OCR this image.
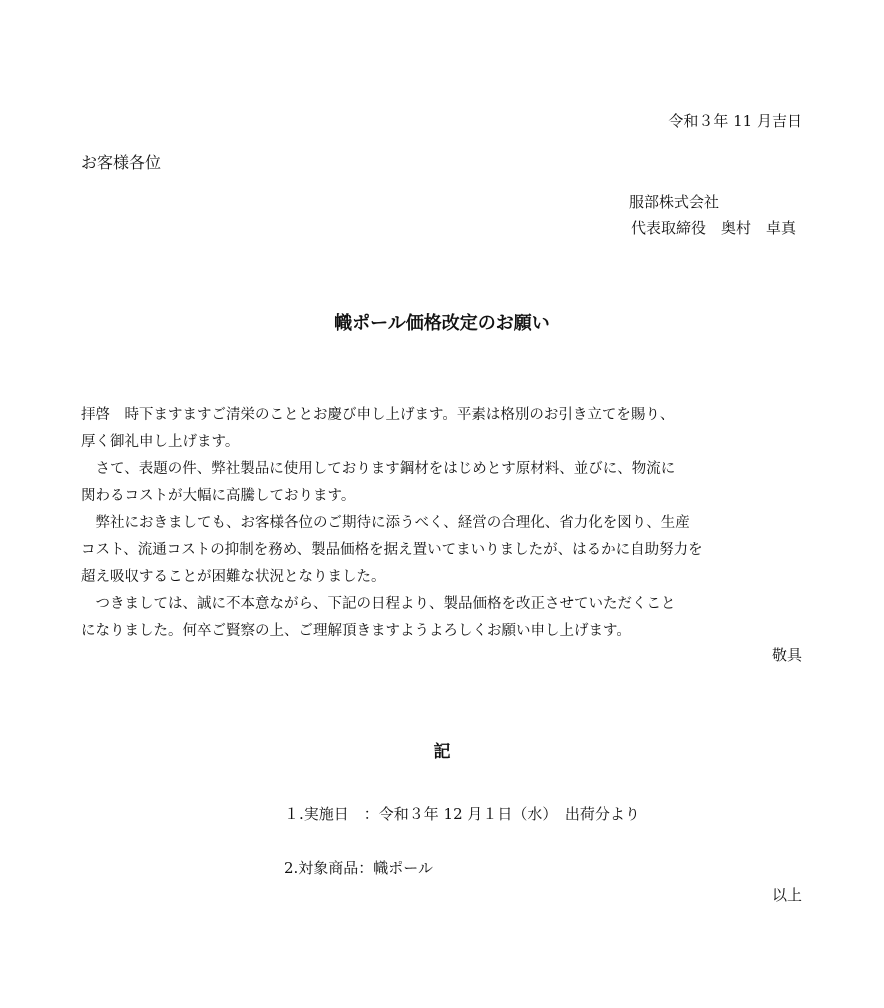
令和３年 11 月吉日
お客様各位
服部株式会社
代表取締役　奥村　卓真
幟ポール価格改定のお願い
拝啓　時下ますますご清栄のこととお慶び申し上げます。平素は格別のお引き立てを賜り、
厚く御礼申し上げます。
　さて、表題の件、弊社製品に使用しております鋼材をはじめとす原材料、並びに、物流に
関わるコストが大幅に高騰しております。
　弊社におきましても、お客様各位のご期待に添うべく、経営の合理化、省力化を図り、生産
コスト、流通コストの抑制を務め、製品価格を据え置いてまいりましたが、はるかに自助努力を
超え吸収することが困難な状況となりました。
　つきましては、誠に不本意ながら、下記の日程より、製品価格を改正させていただくこと
になりました。何卒ご賢察の上、ご理解頂きますようよろしくお願い申し上げます。
敬具
記
１.実施日　：令和３年 12 月１日（水）　出荷分より
2.対象商品：幟ポール
以上
